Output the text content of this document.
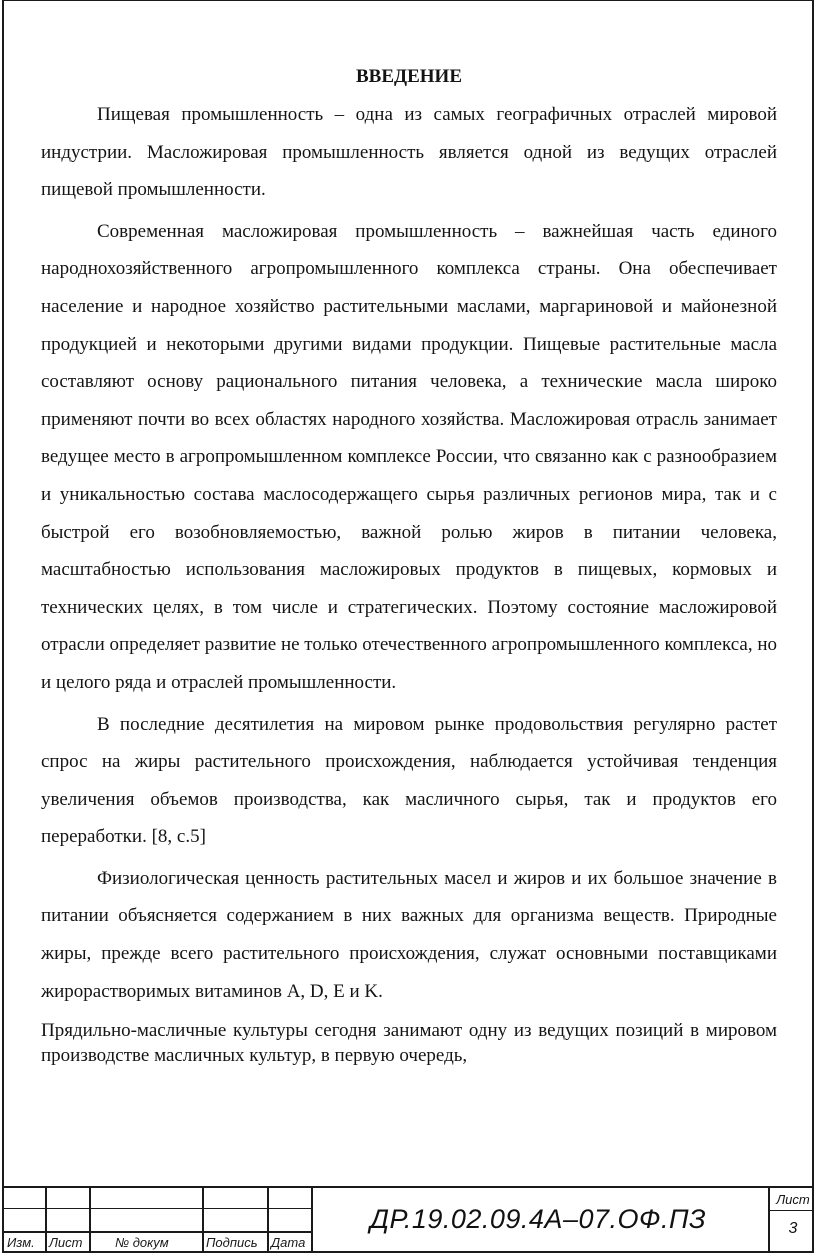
ВВЕДЕНИЕ

Пищевая промышленность – одна из самых географичных отраслей мировой индустрии. Масложировая промышленность является одной из ведущих отраслей пищевой промышленности.

Современная масложировая промышленность – важнейшая часть единого народнохозяйственного агропромышленного комплекса страны. Она обеспечивает население и народное хозяйство растительными маслами, маргариновой и майонезной продукцией и некоторыми другими видами продукции. Пищевые растительные масла составляют основу рационального питания человека, а технические масла широко применяют почти во всех областях народного хозяйства. Масложировая отрасль занимает ведущее место в агропромышленном комплексе России, что связанно как с разнообразием и уникальностью состава маслосодержащего сырья различных регионов мира, так и с быстрой его возобновляемостью, важной ролью жиров в питании человека, масштабностью использования масложировых продуктов в пищевых, кормовых и технических целях, в том числе и стратегических. Поэтому состояние масложировой отрасли определяет развитие не только отечественного агропромышленного комплекса, но и целого ряда и отраслей промышленности.

В последние десятилетия на мировом рынке продовольствия регулярно растет спрос на жиры растительного происхождения, наблюдается устойчивая тенденция увеличения объемов производства, как масличного сырья, так и продуктов его переработки. [8, с.5]

Физиологическая ценность растительных масел и жиров и их большое значение в питании объясняется содержанием в них важных для организма веществ. Природные жиры, прежде всего растительного происхождения, служат основными поставщиками жирорастворимых витаминов A, D, E и K.

Прядильно-масличные культуры сегодня занимают одну из ведущих позиций в мировом производстве масличных культур, в первую очередь,

Изм. Лист	№ докум	Подпись Дата
ДР.19.02.09.4А–07.ОФ.ПЗ
Лист
3
